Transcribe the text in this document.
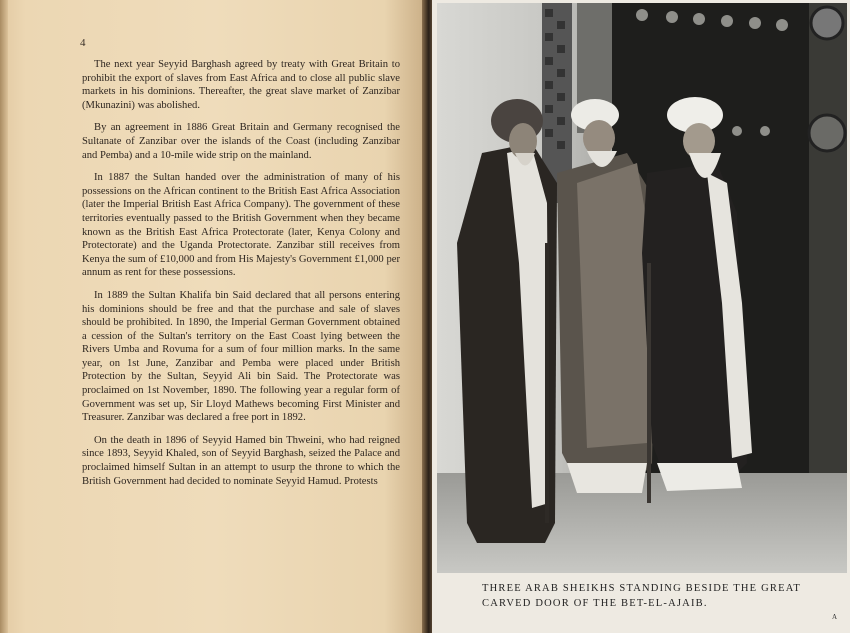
4

The next year Seyyid Barghash agreed by treaty with Great Britain to prohibit the export of slaves from East Africa and to close all public slave markets in his dominions. Thereafter, the great slave market of Zanzibar (Mkunazini) was abolished.

By an agreement in 1886 Great Britain and Germany recognised the Sultanate of Zanzibar over the islands of the Coast (including Zanzibar and Pemba) and a 10-mile wide strip on the mainland.

In 1887 the Sultan handed over the administration of many of his possessions on the African continent to the British East Africa Association (later the Imperial British East Africa Company). The government of these territories eventually passed to the British Government when they became known as the British East Africa Protectorate (later, Kenya Colony and Protectorate) and the Uganda Protectorate. Zanzibar still receives from Kenya the sum of £10,000 and from His Majesty's Government £1,000 per annum as rent for these possessions.

In 1889 the Sultan Khalifa bin Said declared that all persons entering his dominions should be free and that the purchase and sale of slaves should be prohibited. In 1890, the Imperial German Government obtained a cession of the Sultan's territory on the East Coast lying between the Rivers Umba and Rovuma for a sum of four million marks. In the same year, on 1st June, Zanzibar and Pemba were placed under British Protection by the Sultan, Seyyid Ali bin Said. The Protectorate was proclaimed on 1st November, 1890. The following year a regular form of Government was set up, Sir Lloyd Mathews becoming First Minister and Treasurer. Zanzibar was declared a free port in 1892.

On the death in 1896 of Seyyid Hamed bin Thweini, who had reigned since 1893, Seyyid Khaled, son of Seyyid Barghash, seized the Palace and proclaimed himself Sultan in an attempt to usurp the throne to which the British Government had decided to nominate Seyyid Hamud. Protests

THREE ARAB SHEIKHS STANDING BESIDE THE GREAT CARVED DOOR OF THE BET-EL-AJAIB.
A
